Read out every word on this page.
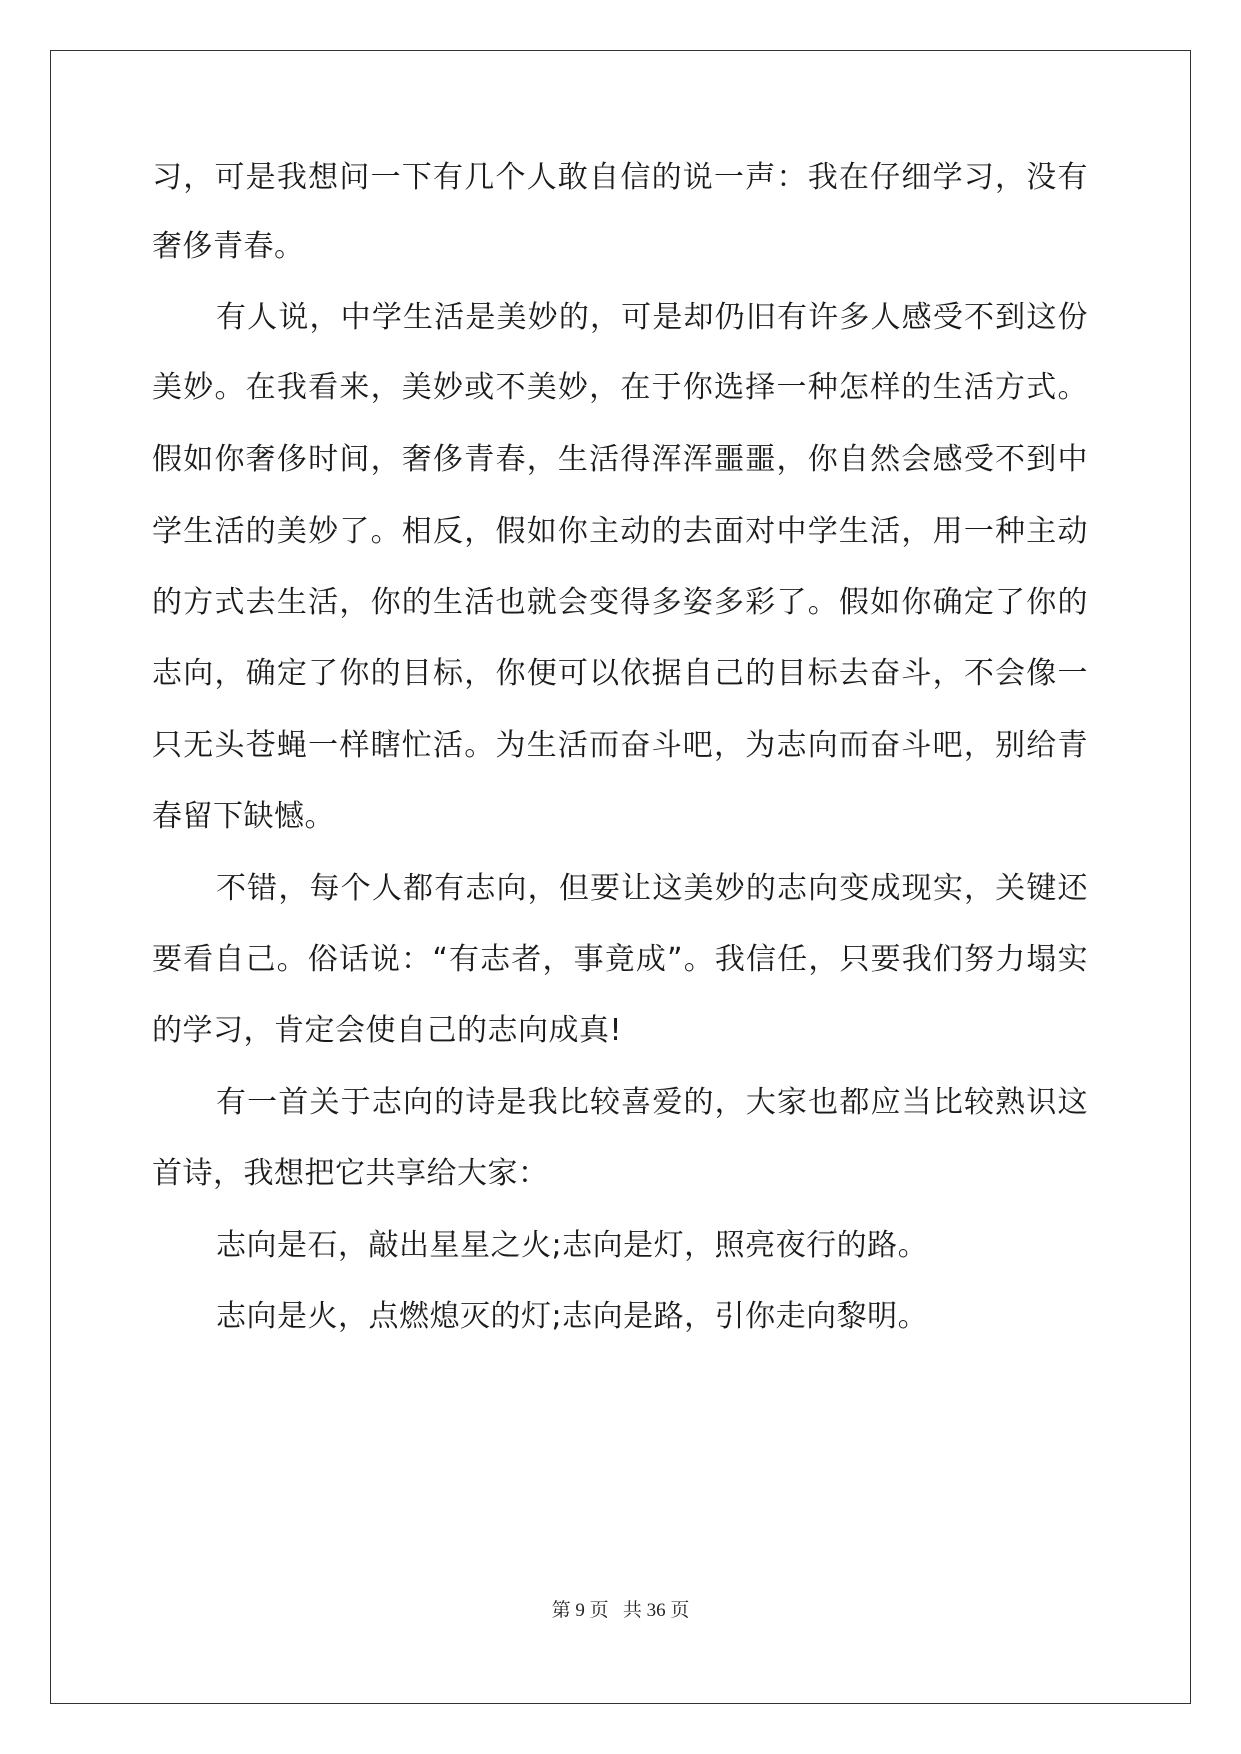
习，可是我想问一下有几个人敢自信的说一声：我在仔细学习，没有
奢侈青春。
有人说，中学生活是美妙的，可是却仍旧有许多人感受不到这份
美妙。在我看来，美妙或不美妙，在于你选择一种怎样的生活方式。
假如你奢侈时间，奢侈青春，生活得浑浑噩噩，你自然会感受不到中
学生活的美妙了。相反，假如你主动的去面对中学生活，用一种主动
的方式去生活，你的生活也就会变得多姿多彩了。假如你确定了你的
志向，确定了你的目标，你便可以依据自己的目标去奋斗，不会像一
只无头苍蝇一样瞎忙活。为生活而奋斗吧，为志向而奋斗吧，别给青
春留下缺憾。
不错，每个人都有志向，但要让这美妙的志向变成现实，关键还
要看自己。俗话说：“有志者，事竟成”。我信任，只要我们努力塌实
的学习，肯定会使自己的志向成真!
有一首关于志向的诗是我比较喜爱的，大家也都应当比较熟识这
首诗，我想把它共享给大家：
志向是石，敲出星星之火;志向是灯，照亮夜行的路。
志向是火，点燃熄灭的灯;志向是路，引你走向黎明。
第 9 页 共 36 页
